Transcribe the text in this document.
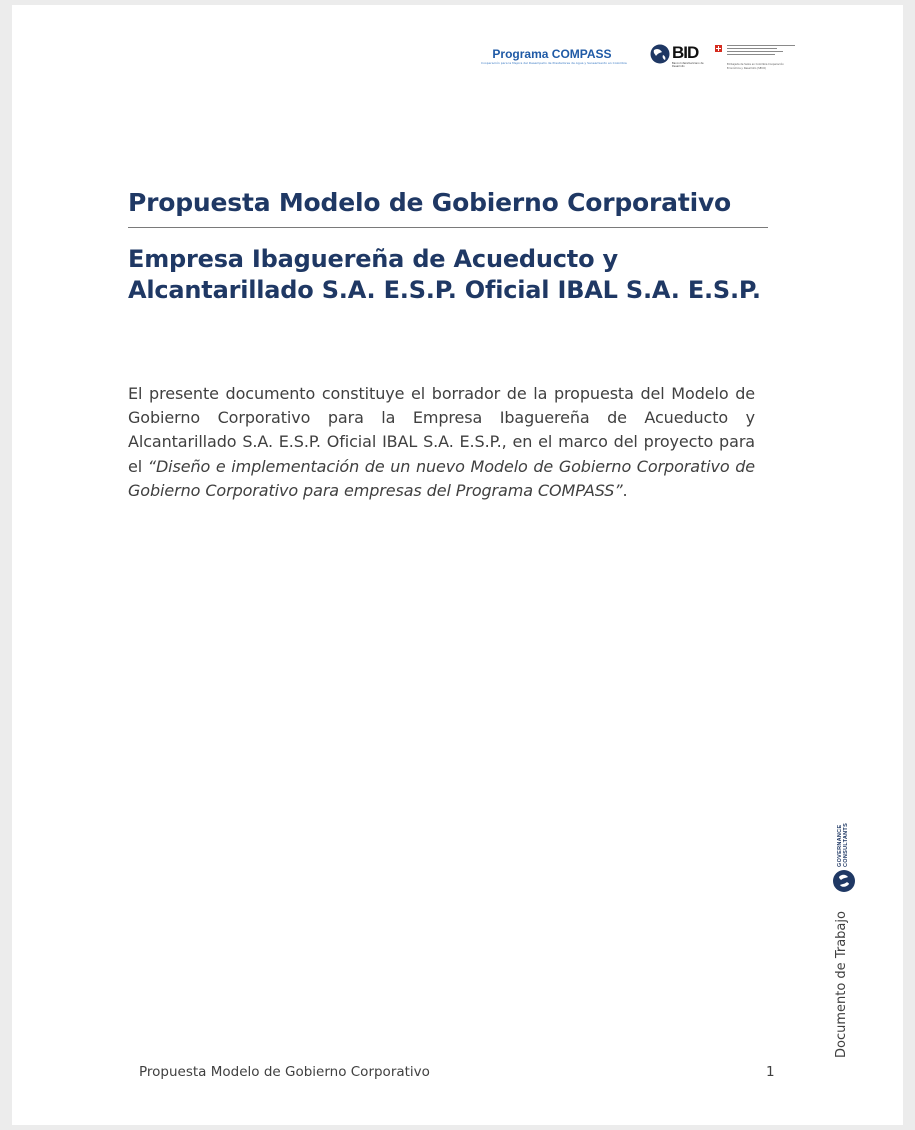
Programa COMPASS
Cooperación para la Mejora del Desempeño de Prestadores de Agua y Saneamiento en Colombia
BID
Banco Interamericano de Desarrollo
Embajada de Suiza en Colombia Cooperación Económica y Desarrollo (SECO)
Propuesta Modelo de Gobierno Corporativo
Empresa Ibaguereña de Acueducto y
Alcantarillado S.A. E.S.P. Oficial IBAL S.A. E.S.P.

El presente documento constituye el borrador de la propuesta del Modelo de Gobierno Corporativo para la Empresa Ibaguereña de Acueducto y Alcantarillado S.A. E.S.P. Oficial IBAL S.A. E.S.P., en el marco del proyecto para el “Diseño e implementación de un nuevo Modelo de Gobierno Corporativo de Gobierno Corporativo para empresas del Programa COMPASS”.

GOVERNANCE CONSULTANTS
Documento de Trabajo
Propuesta Modelo de Gobierno Corporativo	1
